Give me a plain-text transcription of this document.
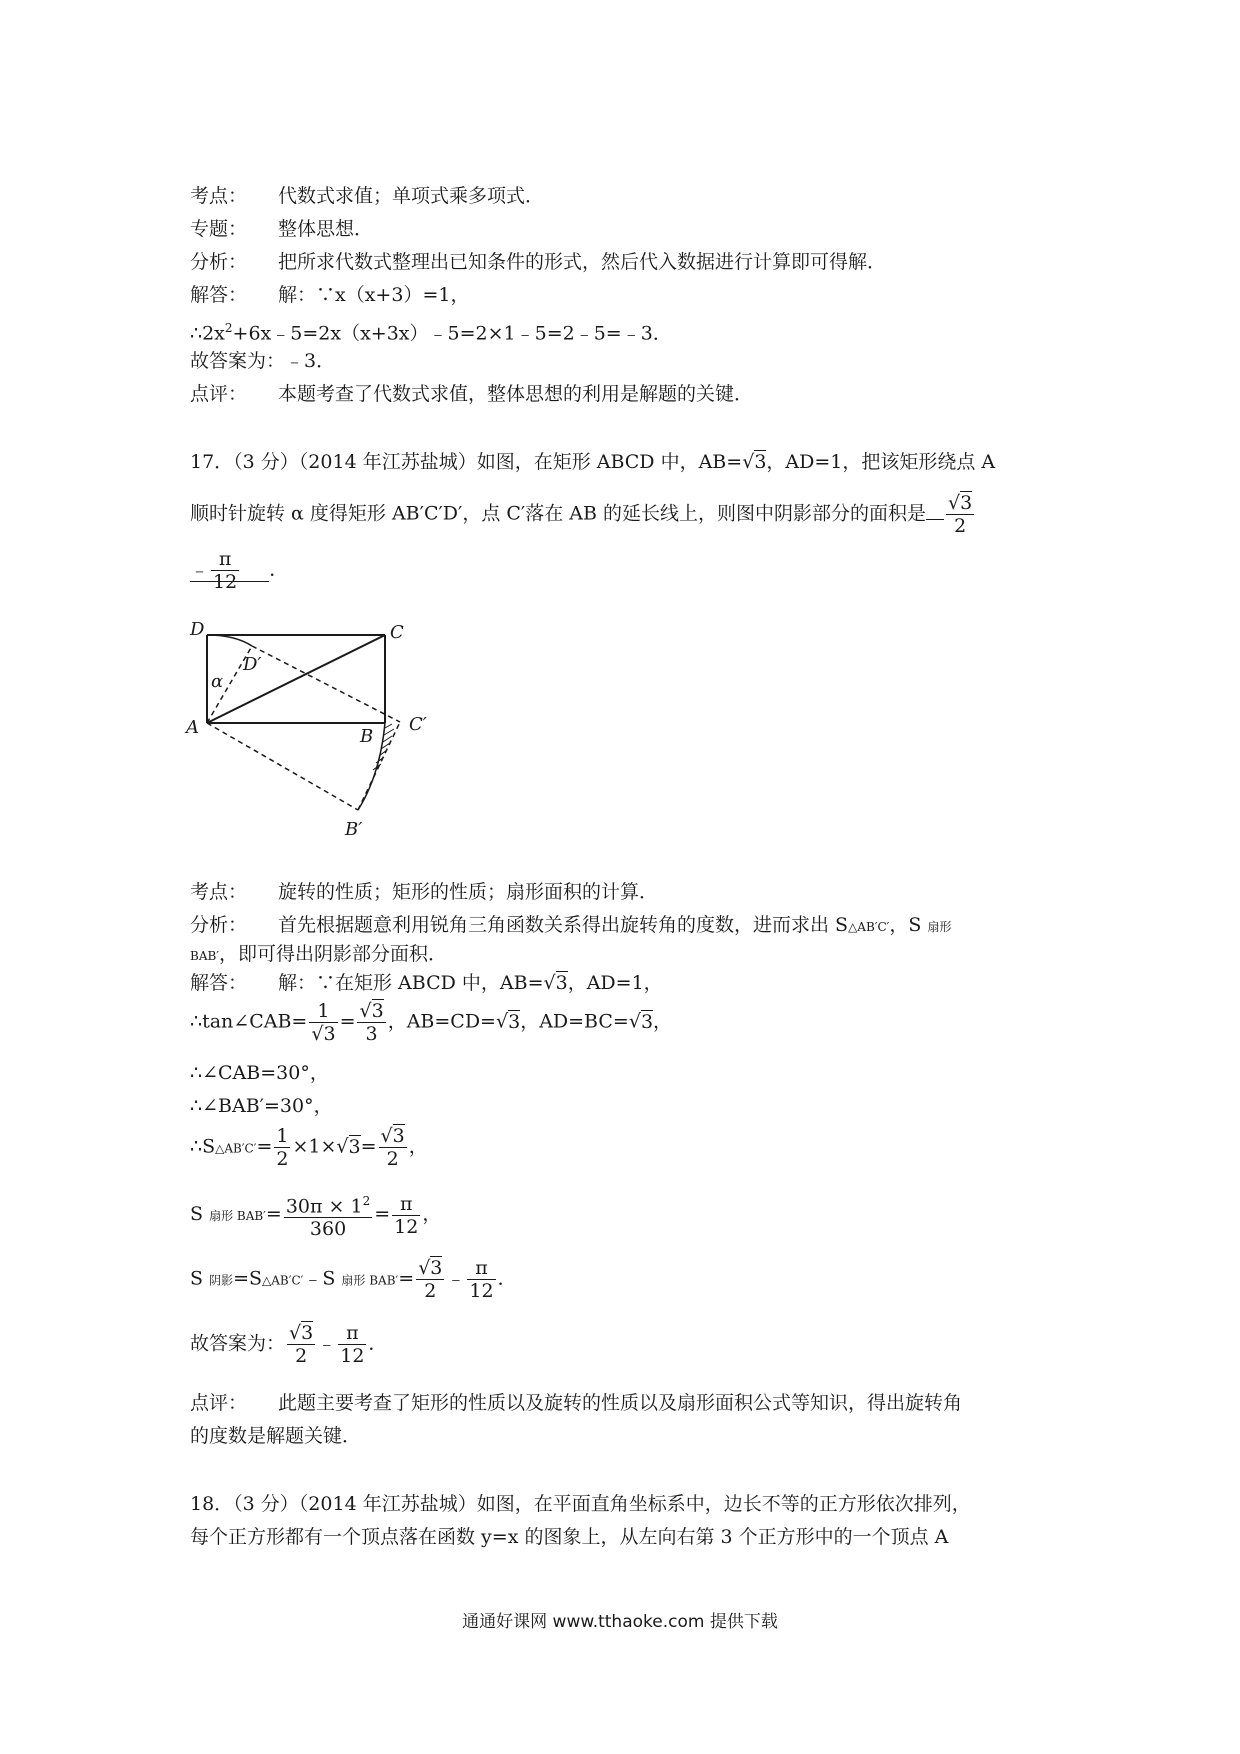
考点： 代数式求值；单项式乘多项式．
专题： 整体思想．
分析： 把所求代数式整理出已知条件的形式，然后代入数据进行计算即可得解．
解答： 解：∵x（x+3）=1，
$\therefore 2x^2+6x﹣5=2x(x+3x)﹣5=2\times 1﹣5=2﹣5=﹣3$．
故答案为：﹣3．
点评： 本题考查了代数式求值，整体思想的利用是解题的关键．
17．（3 分）（2014 年江苏盐城）如图，在矩形 ABCD 中，AB=√3，AD=1，把该矩形绕点 A
顺时针旋转 α 度得矩形 AB′C′D′，点 C′落在 AB 的延长线上，则图中阴影部分的面积是 $\frac{√3}{2}$
﹣ $\frac{\pi}{12}$ ．
D	C
D′
α
A	B
C′
B′
考点： 旋转的性质；矩形的性质；扇形面积的计算．
分析： 首先根据题意利用锐角三角函数关系得出旋转角的度数，进而求出 S△AB′C′，S 扇形
BAB′，即可得出阴影部分面积．
解答： 解：∵在矩形 ABCD 中，AB=√3，AD=1，
∴tan∠CAB= $\frac{1}{√3} = \frac{√3}{3}$ ，AB=CD=√3，AD=BC=√3，
∴∠CAB=30°，
∴∠BAB′=30°，
∴S△AB′C′= $\frac{1}{2} \times 1\times√3= \frac{√3}{2}$ ，
S 扇形 $BAB'= \frac{30\pi \times 1^2}{360} = \frac{\pi}{12}$ ，
S 阴影=S△AB′C′﹣S 扇形 $BAB'= \frac{√3}{2}$ ﹣ $\frac{\pi}{12}$ ．
故答案为： $\frac{√3}{2}$ ﹣ $\frac{\pi}{12}$ ．
点评： 此题主要考查了矩形的性质以及旋转的性质以及扇形面积公式等知识，得出旋转角
的度数是解题关键．
18．（3 分）（2014 年江苏盐城）如图，在平面直角坐标系中，边长不等的正方形依次排列，
每个正方形都有一个顶点落在函数 y=x 的图象上，从左向右第 3 个正方形中的一个顶点 A
通通好课网 www.tthaoke.com 提供下载
